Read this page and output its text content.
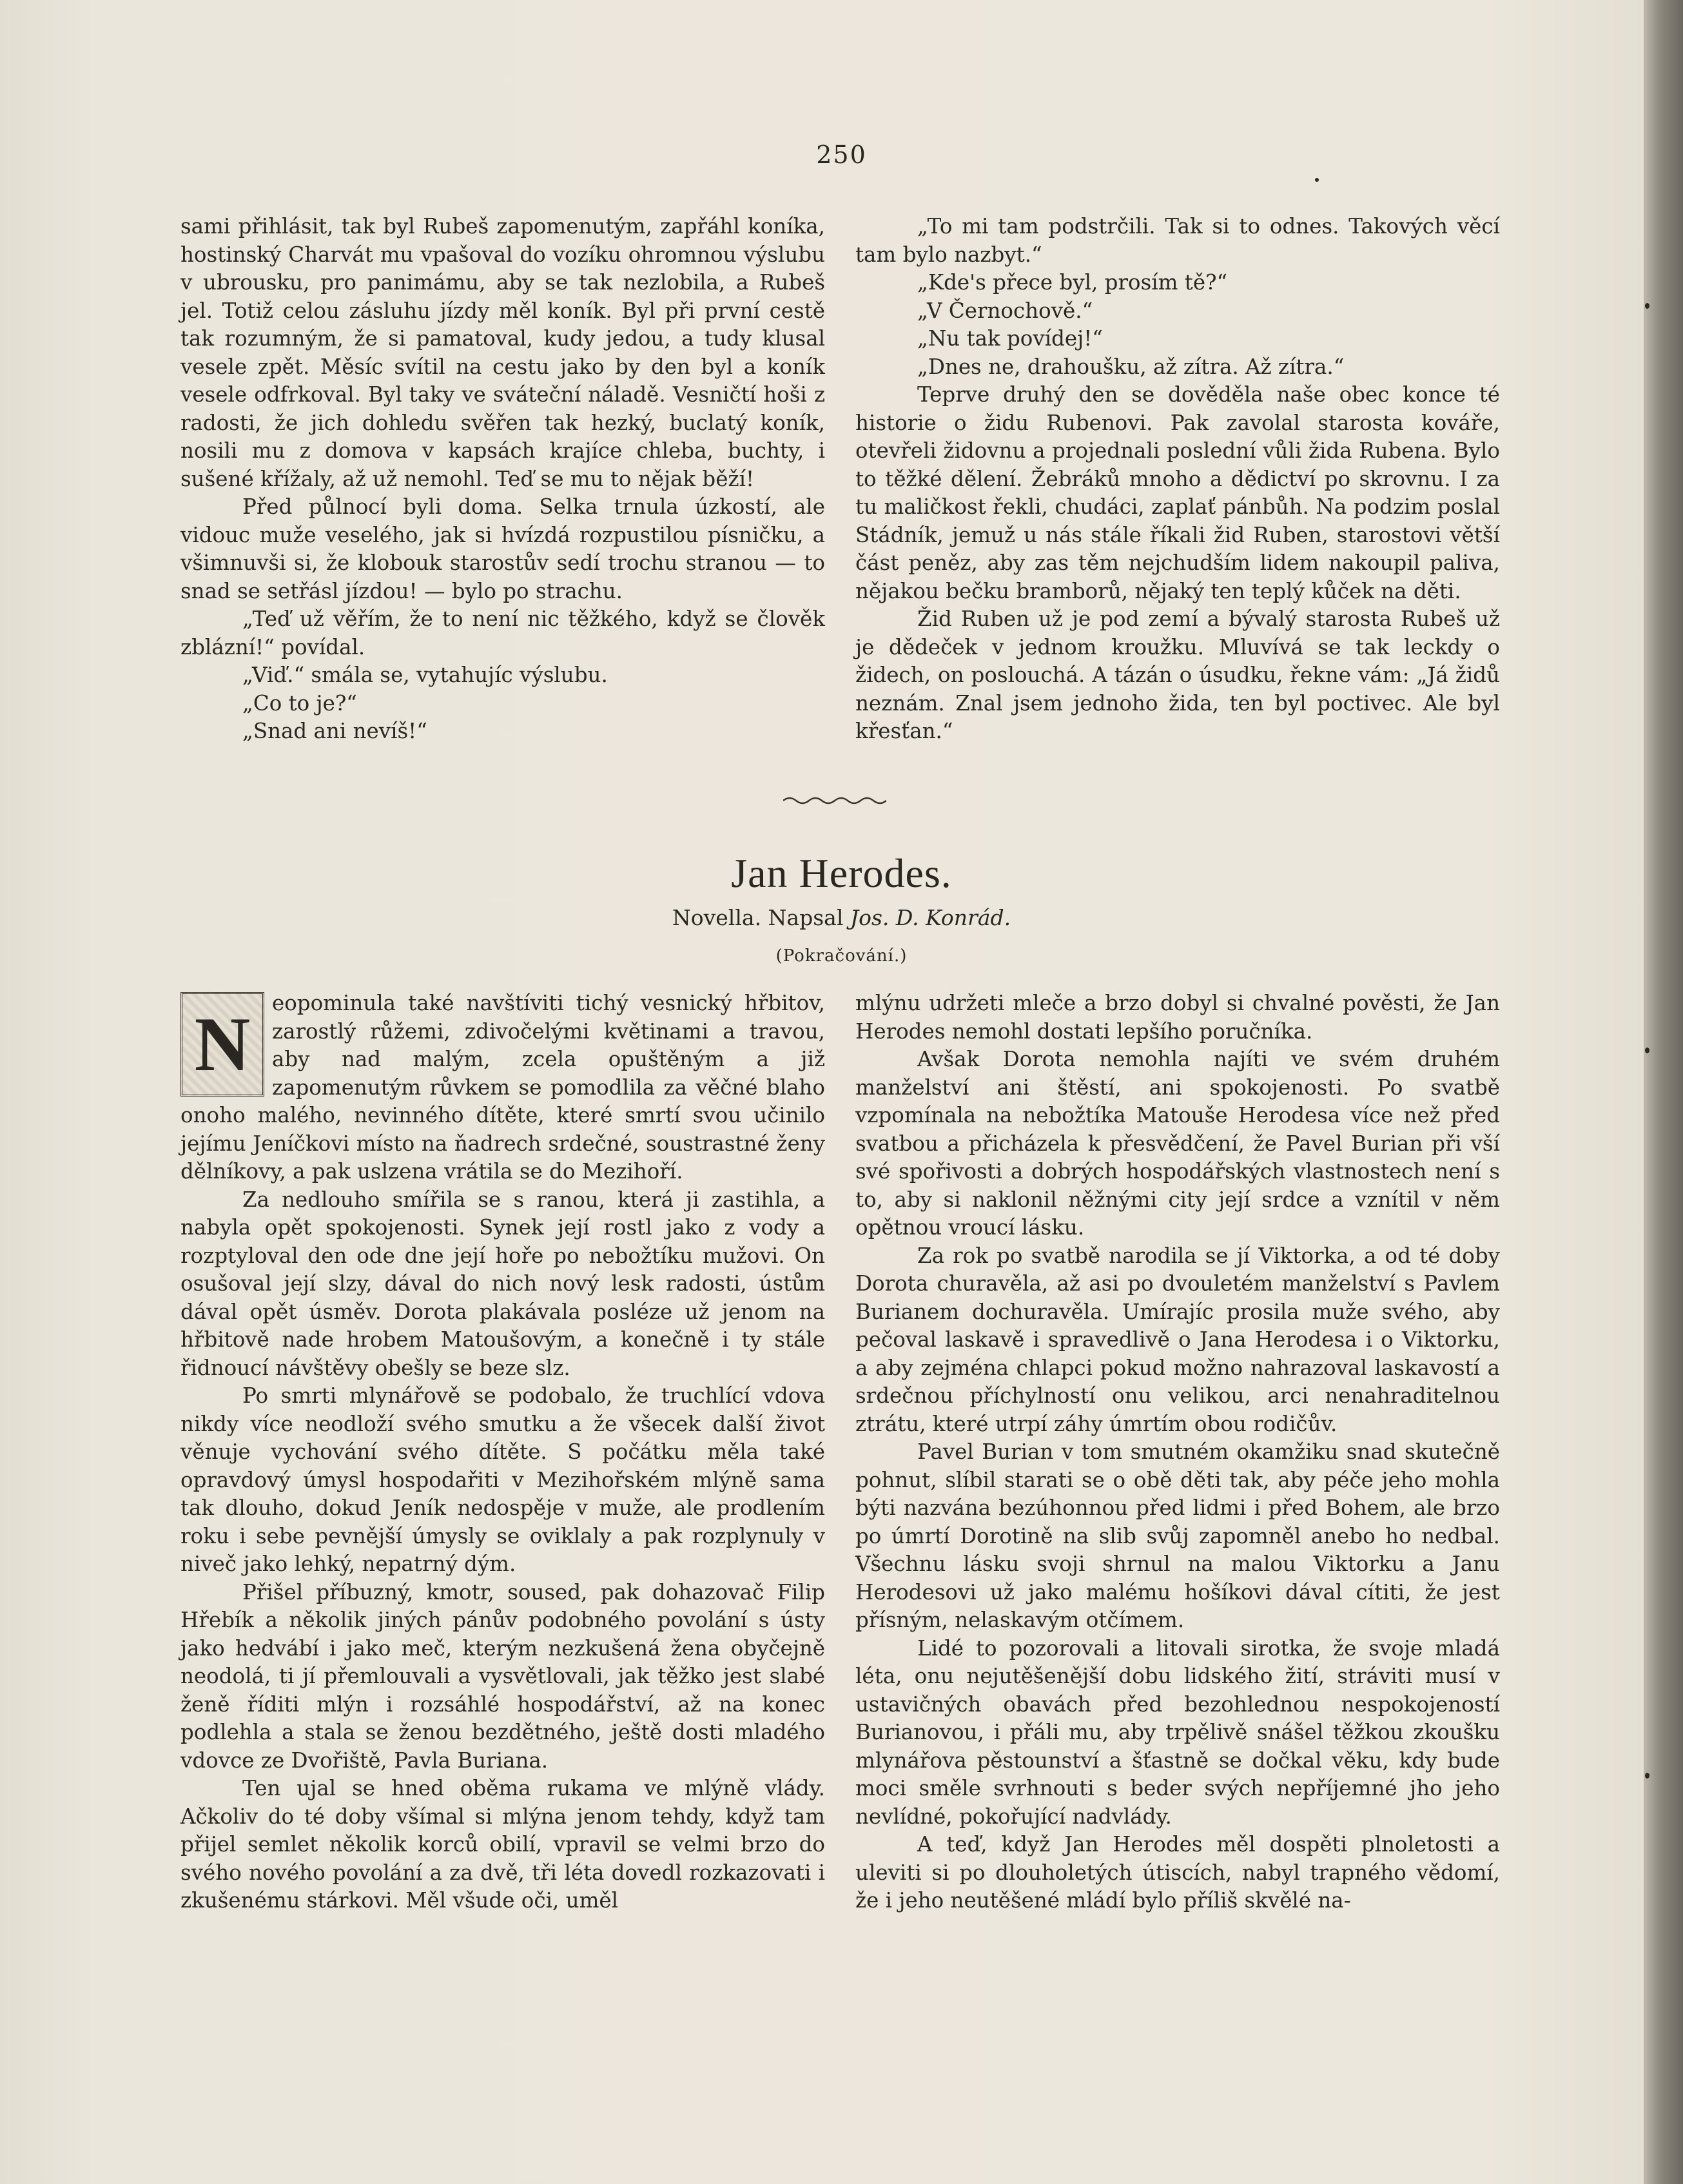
250

sami přihlásit, tak byl Rubeš zapomenutým, zapřáhl koníka, hostinský Charvát mu vpašoval do vozíku ohromnou výslubu v ubrousku, pro panimámu, aby se tak nezlobila, a Rubeš jel. Totiž celou zásluhu jízdy měl koník. Byl při první cestě tak rozumným, že si pamatoval, kudy jedou, a tudy klusal vesele zpět. Měsíc svítil na cestu jako by den byl a koník vesele odfrkoval. Byl taky ve sváteční náladě. Vesničtí hoši z radosti, že jich dohledu svěřen tak hezký, buclatý koník, nosili mu z domova v kapsách krajíce chleba, buchty, i sušené křížaly, až už nemohl. Teď se mu to nějak běží!

Před půlnocí byli doma. Selka trnula úzkostí, ale vidouc muže veselého, jak si hvízdá rozpustilou písničku, a všimnuvši si, že klobouk starostův sedí trochu stranou — to snad se setřásl jízdou! — bylo po strachu.

„Teď už věřím, že to není nic těžkého, když se člověk zblázní!“ povídal.

„Viď.“ smála se, vytahujíc výslubu.

„Co to je?“

„Snad ani nevíš!“

„To mi tam podstrčili. Tak si to odnes. Takových věcí tam bylo nazbyt.“

„Kde's přece byl, prosím tě?“

„V Černochově.“

„Nu tak povídej!“

„Dnes ne, drahoušku, až zítra. Až zítra.“

Teprve druhý den se dověděla naše obec konce té historie o židu Rubenovi. Pak zavolal starosta kováře, otevřeli židovnu a projednali poslední vůli žida Rubena. Bylo to těžké dělení. Žebráků mnoho a dědictví po skrovnu. I za tu maličkost řekli, chudáci, zaplať pánbůh. Na podzim poslal Stádník, jemuž u nás stále říkali žid Ruben, starostovi větší část peněz, aby zas těm nejchudším lidem nakoupil paliva, nějakou bečku bramborů, nějaký ten teplý kůček na děti.

Žid Ruben už je pod zemí a bývalý starosta Rubeš už je dědeček v jednom kroužku. Mluvívá se tak leckdy o židech, on poslouchá. A tázán o úsudku, řekne vám: „Já židů neznám. Znal jsem jednoho žida, ten byl poctivec. Ale byl křesťan.“

Jan Herodes.
Novella. Napsal Jos. D. Konrád.
(Pokračování.)
N	eopominula také navštíviti tichý vesnický hřbitov, zarostlý růžemi, zdivočelými květinami a travou, aby nad malým, zcela opuštěným a již zapomenutým růvkem se pomodlila za věčné blaho onoho malého, nevinného dítěte, které smrtí svou učinilo jejímu Jeníčkovi místo na ňadrech srdečné, soustrastné ženy dělníkovy, a pak uslzena vrátila se do Mezihoří.

Za nedlouho smířila se s ranou, která ji zastihla, a nabyla opět spokojenosti. Synek její rostl jako z vody a rozptyloval den ode dne její hoře po nebožtíku mužovi. On osušoval její slzy, dával do nich nový lesk radosti, ústům dával opět úsměv. Dorota plakávala posléze už jenom na hřbitově nade hrobem Matoušovým, a konečně i ty stále řidnoucí návštěvy obešly se beze slz.

Po smrti mlynářově se podobalo, že truchlící vdova nikdy více neodloží svého smutku a že všecek další život věnuje vychování svého dítěte. S počátku měla také opravdový úmysl hospodařiti v Mezihořském mlýně sama tak dlouho, dokud Jeník nedospěje v muže, ale prodlením roku i sebe pevnější úmysly se oviklaly a pak rozplynuly v niveč jako lehký, nepatrný dým.

Přišel příbuzný, kmotr, soused, pak dohazovač Filip Hřebík a několik jiných pánův podobného povolání s ústy jako hedvábí i jako meč, kterým nezkušená žena obyčejně neodolá, ti jí přemlouvali a vysvětlovali, jak těžko jest slabé ženě říditi mlýn i rozsáhlé hospodářství, až na konec podlehla a stala se ženou bezdětného, ještě dosti mladého vdovce ze Dvořiště, Pavla Buriana.

Ten ujal se hned oběma rukama ve mlýně vlády. Ačkoliv do té doby všímal si mlýna jenom tehdy, když tam přijel semlet několik korců obilí, vpravil se velmi brzo do svého nového povolání a za dvě, tři léta dovedl rozkazovati i zkušenému stárkovi. Měl všude oči, uměl

mlýnu udržeti mleče a brzo dobyl si chvalné pověsti, že Jan Herodes nemohl dostati lepšího poručníka.

Avšak Dorota nemohla najíti ve svém druhém manželství ani štěstí, ani spokojenosti. Po svatbě vzpomínala na nebožtíka Matouše Herodesa více než před svatbou a přicházela k přesvědčení, že Pavel Burian při vší své spořivosti a dobrých hospodářských vlastnostech není s to, aby si naklonil něžnými city její srdce a vznítil v něm opětnou vroucí lásku.

Za rok po svatbě narodila se jí Viktorka, a od té doby Dorota churavěla, až asi po dvouletém manželství s Pavlem Burianem dochuravěla. Umírajíc prosila muže svého, aby pečoval laskavě i spravedlivě o Jana Herodesa i o Viktorku, a aby zejména chlapci pokud možno nahrazoval laskavostí a srdečnou příchylností onu velikou, arci nenahraditelnou ztrátu, které utrpí záhy úmrtím obou rodičův.

Pavel Burian v tom smutném okamžiku snad skutečně pohnut, slíbil starati se o obě děti tak, aby péče jeho mohla býti nazvána bezúhonnou před lidmi i před Bohem, ale brzo po úmrtí Dorotině na slib svůj zapomněl anebo ho nedbal. Všechnu lásku svoji shrnul na malou Viktorku a Janu Herodesovi už jako malému hošíkovi dával cítiti, že jest přísným, nelaskavým otčímem.

Lidé to pozorovali a litovali sirotka, že svoje mladá léta, onu nejutěšenější dobu lidského žití, stráviti musí v ustavičných obavách před bezohlednou nespokojeností Burianovou, i přáli mu, aby trpělivě snášel těžkou zkoušku mlynářova pěstounství a šťastně se dočkal věku, kdy bude moci směle svrhnouti s beder svých nepříjemné jho jeho nevlídné, pokořující nadvlády.

A teď, když Jan Herodes měl dospěti plnoletosti a uleviti si po dlouholetých útiscích, nabyl trapného vědomí, že i jeho neutěšené mládí bylo příliš skvělé na-
